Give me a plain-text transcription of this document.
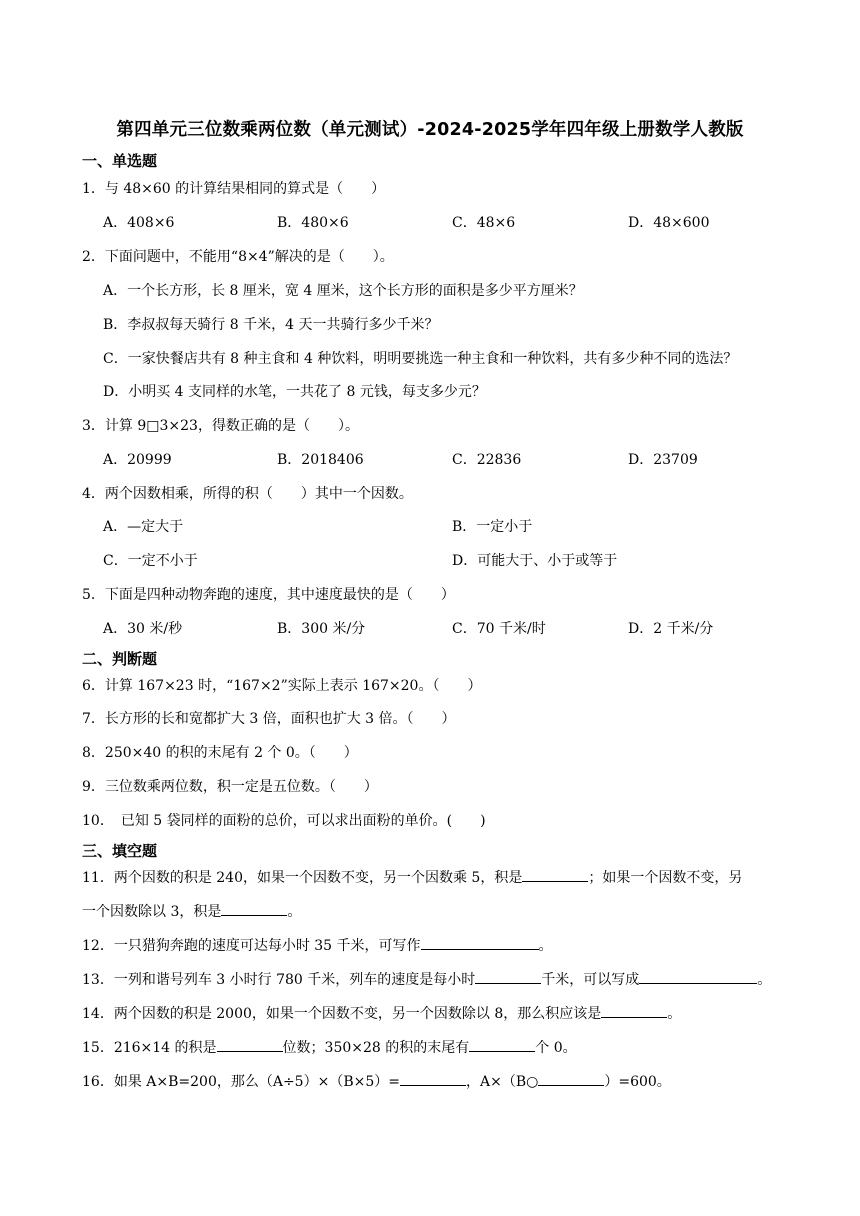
第四单元三位数乘两位数（单元测试）-2024-2025学年四年级上册数学人教版
一、单选题
1．与 48×60 的计算结果相同的算式是（　　）
A．408×6	B．480×6	C．48×6	D．48×600
2．下面问题中，不能用“8×4”解决的是（　　）。
A．一个长方形，长 8 厘米，宽 4 厘米，这个长方形的面积是多少平方厘米？
B．李叔叔每天骑行 8 千米，4 天一共骑行多少千米？
C．一家快餐店共有 8 种主食和 4 种饮料，明明要挑选一种主食和一种饮料，共有多少种不同的选法？
D．小明买 4 支同样的水笔，一共花了 8 元钱，每支多少元？
3．计算 9□3×23，得数正确的是（　　）。
A．20999	B．2018406	C．22836	D．23709
4．两个因数相乘，所得的积（　　）其中一个因数。
A．—定大于	B．一定小于
C．一定不小于	D．可能大于、小于或等于
5．下面是四种动物奔跑的速度，其中速度最快的是（　　）
A．30 米/秒	B．300 米/分	C．70 千米/时	D．2 千米/分
二、判断题
6．计算 167×23 时，“167×2”实际上表示 167×20。（　　）
7．长方形的长和宽都扩大 3 倍，面积也扩大 3 倍。（　　）
8．250×40 的积的末尾有 2 个 0。（　　）
9．三位数乘两位数，积一定是五位数。（　　）
10．　已知 5 袋同样的面粉的总价，可以求出面粉的单价。(　　)
三、填空题
11．两个因数的积是 240，如果一个因数不变，另一个因数乘 5，积是	；如果一个因数不变，另
一个因数除以 3，积是	。
12．一只猎狗奔跑的速度可达每小时 35 千米，可写作	。
13．一列和谐号列车 3 小时行 780 千米，列车的速度是每小时	千米，可以写成	。
14．两个因数的积是 2000，如果一个因数不变，另一个因数除以 8，那么积应该是	。
15．216×14 的积是	位数；350×28 的积的末尾有	个 0。
16．如果 A×B=200，那么（A÷5）×（B×5）=	，A×（B○	）=600。
